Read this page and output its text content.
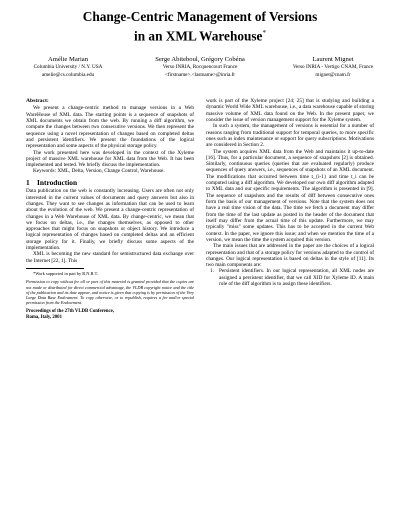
Change-Centric Management of Versions
in an XML Warehouse*
Amélie Marian
Columbia University / N.Y. USA
amelie@cs.columbia.edu
Serge Abiteboul, Grégory Cobéna
Verso INRIA, Rocquencourt France
<firstname>.<lastname>@inria.fr
Laurent Mignet
Verso INRIA - Vertigo CNAM, France
mignet@cnam.fr
Abstract:

We present a change-centric method to manage versions in a Web WareHouse of XML data. The starting points is a sequence of snapshots of XML documents we obtain from the web. By running a diff algorithm, we compute the changes between two consecutive versions. We then represent the sequence using a novel representation of changes based on completed deltas and persistent identifiers. We present the foundations of the logical representation and some aspects of the physical storage policy.

The work presented here was developed in the context of the Xyleme project of massive XML warehouse for XML data from the Web. It has been implemented and tested. We briefly discuss the implementation.

Keywords: XML, Delta, Version, Change Control, Warehouse.

1 Introduction

Data publication on the web is constantly increasing. Users are often not only interested in the current values of documents and query answers but also in changes. They want to see changes as information that can be used to learn about the evolution of the web. We present a change-centric representation of changes in a Web Warehouse of XML data. By change-centric, we mean that we focus on deltas, i.e., the changes themselves, as opposed to other approaches that might focus on snapshots or object history. We introduce a logical representation of changes based on completed deltas and an efficient storage policy for it. Finally, we briefly discuss some aspects of the implementation.

XML is becoming the new standard for semistructured data exchange over the Internet [22, 1]. This

*Work supported in part by R.N.R.T.
Permission to copy without fee all or part of this material is granted provided that the copies are not made or distributed for direct commercial advantage, the VLDB copyright notice and the title of the publication and its date appear, and notice is given that copying is by permission of the Very Large Data Base Endowment. To copy otherwise, or to republish, requires a fee and/or special permission from the Endowment.
Proceedings of the 27th VLDB Conference,
Roma, Italy, 2001

work is part of the Xyleme project [24; 25] that is studying and building a dynamic World Wide XML warehouse, i.e., a data warehouse capable of storing massive volume of XML data found on the Web. In the present paper, we consider the issue of version management support for the Xyleme system.

In such a system, the management of versions is essential for a number of reasons ranging from traditional support for temporal queries, to more specific ones such as index maintenance or support for query subscriptions. Motivations are considered in Section 2.

The system acquires XML data from the Web and maintains it up-to-date [16]. Thus, for a particular document, a sequence of snapshots [2] is obtained. Similarly, continuous queries (queries that are evaluated regularly) produce sequences of query answers, i.e., sequences of snapshots of an XML document. The modifications that occurred between time t_{i-1} and time t_i can be computed using a diff algorithm. We developed our own diff algorithm adapted to XML data and our specific requirements. The algorithm is presented in [9]. The sequence of snapshots and the results of diff between consecutive ones form the basis of our management of versions. Note that the system does not have a real time vision of the data. The time we fetch a document may differ from the time of the last update as posted in the header of the document that itself may differ from the actual time of this update. Furthermore, we may typically "miss" some updates. This has to be accepted in the current Web context. In the paper, we ignore this issue; and when we mention the time of a version, we mean the time the system acquired this version.

The main issues that are addressed in the paper are the choices of a logical representation and that of a storage policy for versions adapted to the control of changes. Our logical representation is based on deltas in the style of [11]. Its two main components are:

1. Persistent identifiers. In our logical representation, all XML nodes are assigned a persistent identifier, that we call XID for Xyleme ID. A main role of the diff algorithm is to assign these identifiers.
